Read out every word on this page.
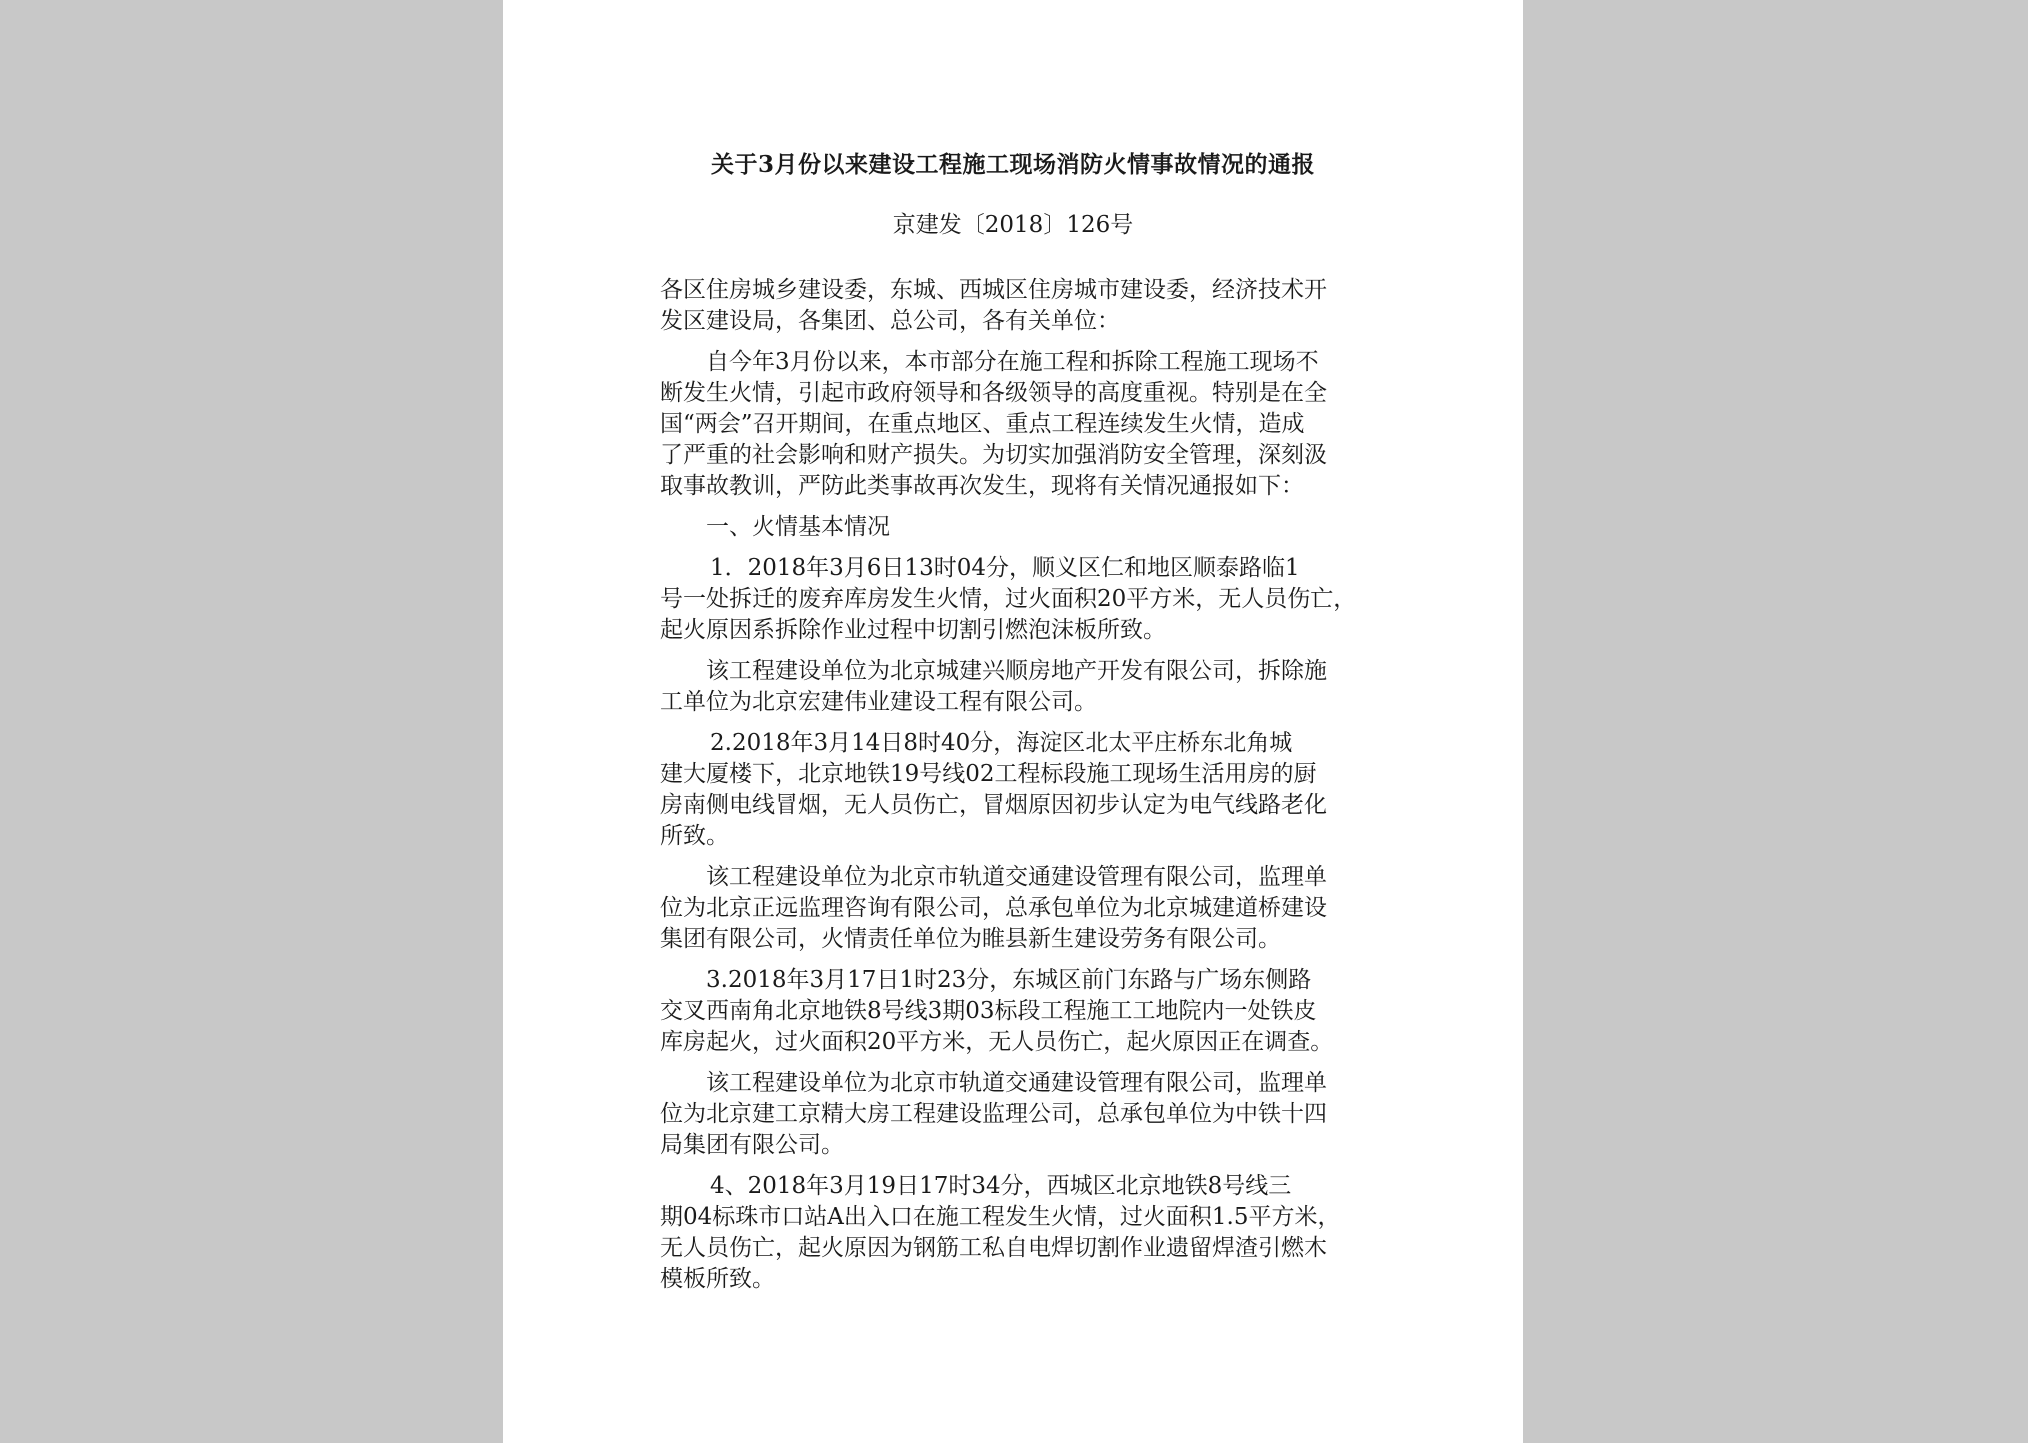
关于3月份以来建设工程施工现场消防火情事故情况的通报
京建发〔2018〕126号
各区住房城乡建设委，东城、西城区住房城市建设委，经济技术开
发区建设局，各集团、总公司，各有关单位：
自今年3月份以来，本市部分在施工程和拆除工程施工现场不
断发生火情，引起市政府领导和各级领导的高度重视。特别是在全
国“两会”召开期间，在重点地区、重点工程连续发生火情，造成
了严重的社会影响和财产损失。为切实加强消防安全管理，深刻汲
取事故教训，严防此类事故再次发生，现将有关情况通报如下：
一、火情基本情况
1．2018年3月6日13时04分，顺义区仁和地区顺泰路临1
号一处拆迁的废弃库房发生火情，过火面积20平方米，无人员伤亡，
起火原因系拆除作业过程中切割引燃泡沫板所致。
该工程建设单位为北京城建兴顺房地产开发有限公司，拆除施
工单位为北京宏建伟业建设工程有限公司。
2.2018年3月14日8时40分，海淀区北太平庄桥东北角城
建大厦楼下，北京地铁19号线02工程标段施工现场生活用房的厨
房南侧电线冒烟，无人员伤亡，冒烟原因初步认定为电气线路老化
所致。
该工程建设单位为北京市轨道交通建设管理有限公司，监理单
位为北京正远监理咨询有限公司，总承包单位为北京城建道桥建设
集团有限公司，火情责任单位为睢县新生建设劳务有限公司。
3.2018年3月17日1时23分，东城区前门东路与广场东侧路
交叉西南角北京地铁8号线3期03标段工程施工工地院内一处铁皮
库房起火，过火面积20平方米，无人员伤亡，起火原因正在调查。
该工程建设单位为北京市轨道交通建设管理有限公司，监理单
位为北京建工京精大房工程建设监理公司，总承包单位为中铁十四
局集团有限公司。
4、2018年3月19日17时34分，西城区北京地铁8号线三
期04标珠市口站A出入口在施工程发生火情，过火面积1.5平方米，
无人员伤亡，起火原因为钢筋工私自电焊切割作业遗留焊渣引燃木
模板所致。
